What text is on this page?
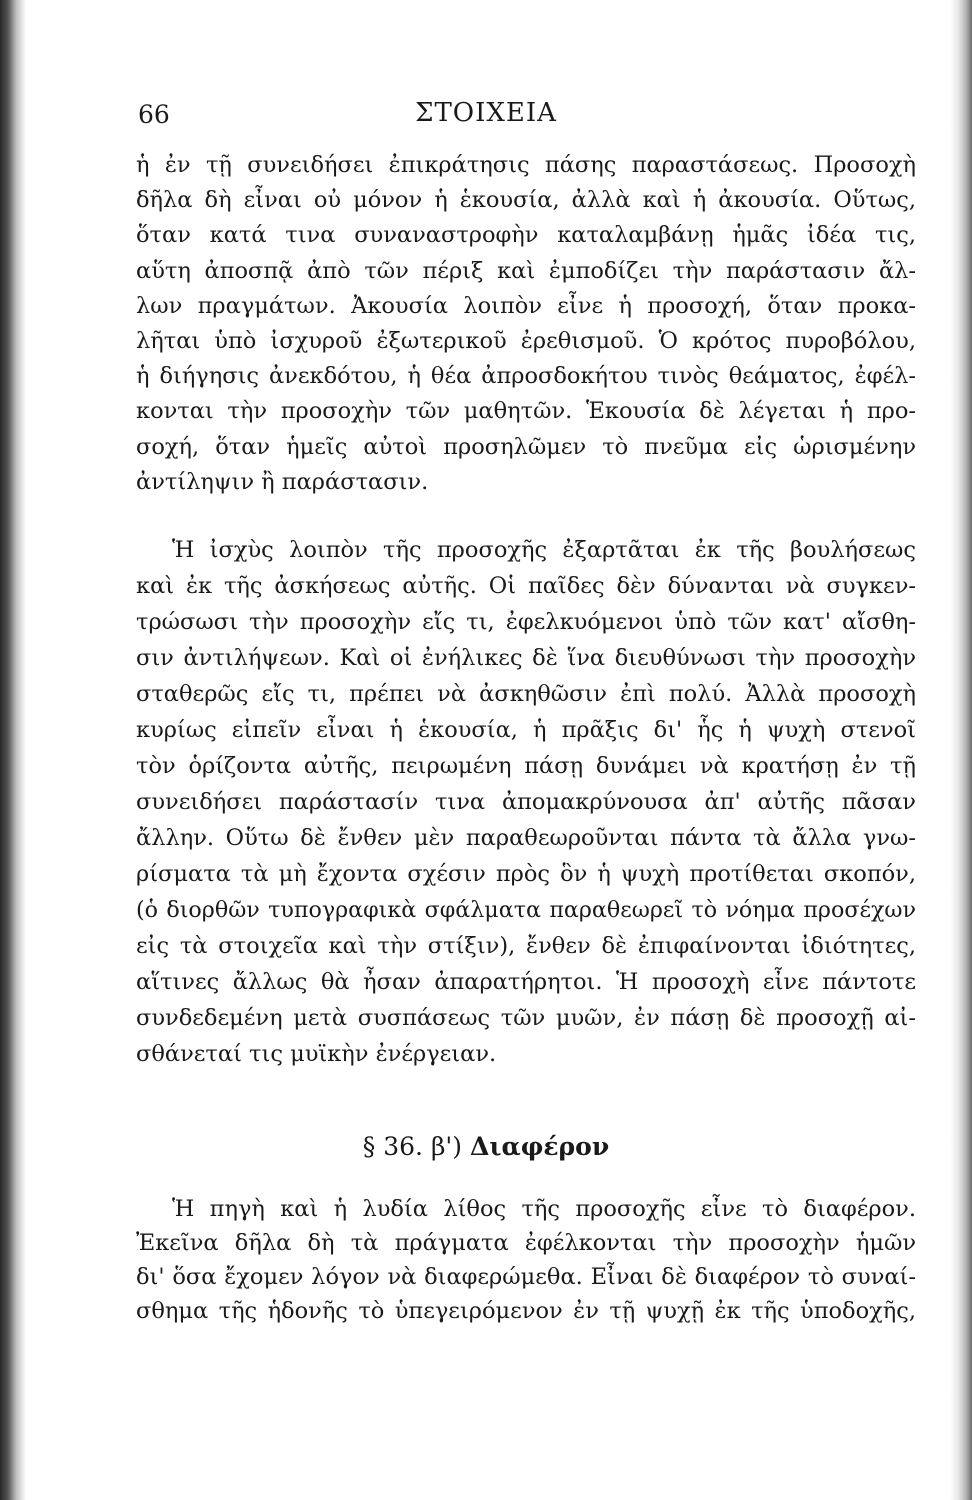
66	ΣΤΟΙΧΕΙΑ
ἡ ἐν τῇ συνειδήσει ἐπικράτησις πάσης παραστάσεως. Προσοχὴ
δῆλα δὴ εἶναι οὐ μόνον ἡ ἑκουσία, ἀλλὰ καὶ ἡ ἀκουσία. Οὕτως,
ὅταν κατά τινα συναναστροφὴν καταλαμβάνῃ ἡμᾶς ἰδέα τις,
αὕτη ἀποσπᾷ ἀπὸ τῶν πέριξ καὶ ἐμποδίζει τὴν παράστασιν ἄλ-
λων πραγμάτων. Ἀκουσία λοιπὸν εἶνε ἡ προσοχή, ὅταν προκα-
λῆται ὑπὸ ἰσχυροῦ ἐξωτερικοῦ ἐρεθισμοῦ. Ὁ κρότος πυροβόλου,
ἡ διήγησις ἀνεκδότου, ἡ θέα ἀπροσδοκήτου τινὸς θεάματος, ἐφέλ-
κονται τὴν προσοχὴν τῶν μαθητῶν. Ἑκουσία δὲ λέγεται ἡ προ-
σοχή, ὅταν ἡμεῖς αὐτοὶ προσηλῶμεν τὸ πνεῦμα εἰς ὡρισμένην
ἀντίληψιν ἢ παράστασιν.
Ἡ ἰσχὺς λοιπὸν τῆς προσοχῆς ἐξαρτᾶται ἐκ τῆς βουλήσεως
καὶ ἐκ τῆς ἀσκήσεως αὐτῆς. Οἱ παῖδες δὲν δύνανται νὰ συγκεν-
τρώσωσι τὴν προσοχὴν εἴς τι, ἐφελκυόμενοι ὑπὸ τῶν κατ' αἴσθη-
σιν ἀντιλήψεων. Καὶ οἱ ἐνήλικες δὲ ἵνα διευθύνωσι τὴν προσοχὴν
σταθερῶς εἴς τι, πρέπει νὰ ἀσκηθῶσιν ἐπὶ πολύ. Ἀλλὰ προσοχὴ
κυρίως εἰπεῖν εἶναι ἡ ἑκουσία, ἡ πρᾶξις δι' ἧς ἡ ψυχὴ στενοῖ
τὸν ὁρίζοντα αὐτῆς, πειρωμένη πάσῃ δυνάμει νὰ κρατήσῃ ἐν τῇ
συνειδήσει παράστασίν τινα ἀπομακρύνουσα ἀπ' αὐτῆς πᾶσαν
ἄλλην. Οὕτω δὲ ἔνθεν μὲν παραθεωροῦνται πάντα τὰ ἄλλα γνω-
ρίσματα τὰ μὴ ἔχοντα σχέσιν πρὸς ὃν ἡ ψυχὴ προτίθεται σκοπόν,
(ὁ διορθῶν τυπογραφικὰ σφάλματα παραθεωρεῖ τὸ νόημα προσέχων
εἰς τὰ στοιχεῖα καὶ τὴν στίξιν), ἔνθεν δὲ ἐπιφαίνονται ἰδιότητες,
αἵτινες ἄλλως θὰ ἦσαν ἀπαρατήρητοι. Ἡ προσοχὴ εἶνε πάντοτε
συνδεδεμένη μετὰ συσπάσεως τῶν μυῶν, ἐν πάσῃ δὲ προσοχῇ αἰ-
σθάνεταί τις μυϊκὴν ἐνέργειαν.
§ 36. β') Διαφέρον
Ἡ πηγὴ καὶ ἡ λυδία λίθος τῆς προσοχῆς εἶνε τὸ διαφέρον.
Ἐκεῖνα δῆλα δὴ τὰ πράγματα ἐφέλκονται τὴν προσοχὴν ἡμῶν
δι' ὅσα ἔχομεν λόγον νὰ διαφερώμεθα. Εἶναι δὲ διαφέρον τὸ συναί-
σθημα τῆς ἡδονῆς τὸ ὑπεγειρόμενον ἐν τῇ ψυχῇ ἐκ τῆς ὑποδοχῆς,
